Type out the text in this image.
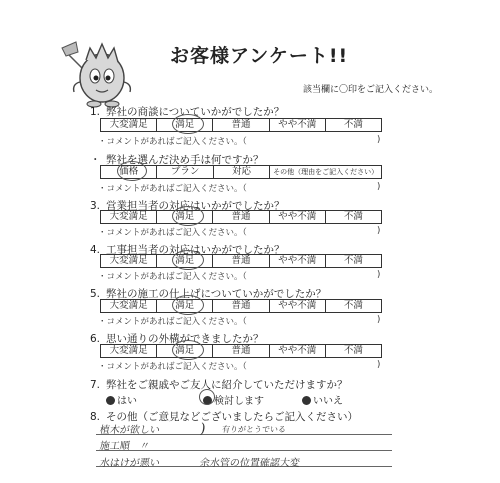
お客様アンケート!!
該当欄に〇印をご記入ください。
1. 弊社の商談についていかがでしたか？
大変満足	満足	普通	やや不満	不満
・コメントがあればご記入ください。（	)
・ 弊社を選んだ決め手は何ですか？
価格	プラン	対応	その他（理由をご記入ください）
・コメントがあればご記入ください。（	)
3. 営業担当者の対応はいかがでしたか？
大変満足	満足	普通	やや不満	不満
・コメントがあればご記入ください。（	)
4. 工事担当者の対応はいかがでしたか？
大変満足	満足	普通	やや不満	不満
・コメントがあればご記入ください。（	)
5. 弊社の施工の仕上げについていかがでしたか？
大変満足	満足	普通	やや不満	不満
・コメントがあればご記入ください。（	)
6. 思い通りの外構ができましたか？
大変満足	満足	普通	やや不満	不満
・コメントがあればご記入ください。（	)
7. 弊社をご親戚やご友人に紹介していただけますか？
はい	検討します	いいえ
8. その他（ご意見などございましたらご記入ください）
植木が欲しい	) 有りがとうでいる
施工順　〃
水はけが悪い	余水管の位置確認大変
